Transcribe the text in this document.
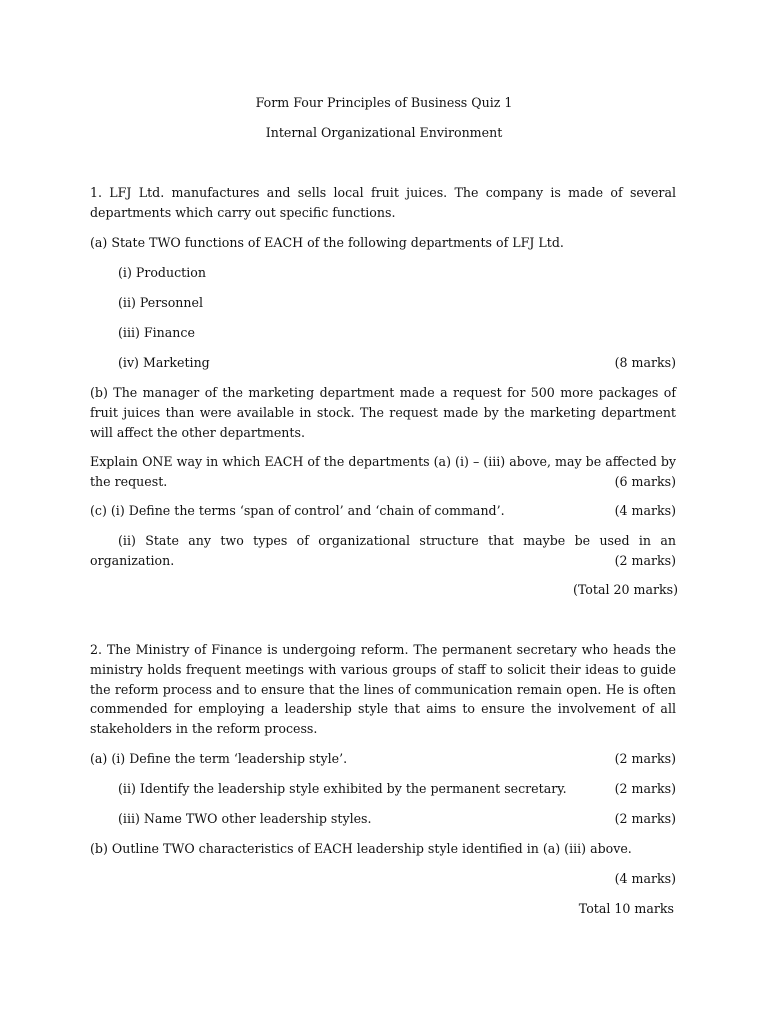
Form Four Principles of Business Quiz 1
Internal Organizational Environment
1. LFJ Ltd. manufactures and sells local fruit juices. The company is made of several
departments which carry out specific functions.
(a) State TWO functions of EACH of the following departments of LFJ Ltd.
(i) Production
(ii) Personnel
(iii) Finance
(iv) Marketing	(8 marks)
(b) The manager of the marketing department made a request for 500 more packages of
fruit juices than were available in stock. The request made by the marketing department
will affect the other departments.
Explain ONE way in which EACH of the departments (a) (i) – (iii) above, may be affected by
the request.	(6 marks)
(c) (i) Define the terms ‘span of control’ and ‘chain of command’.	(4 marks)
(ii) State any two types of organizational structure that maybe be used in an
organization.	(2 marks)
(Total 20 marks)
2. The Ministry of Finance is undergoing reform. The permanent secretary who heads the
ministry holds frequent meetings with various groups of staff to solicit their ideas to guide
the reform process and to ensure that the lines of communication remain open. He is often
commended for employing a leadership style that aims to ensure the involvement of all
stakeholders in the reform process.
(a) (i) Define the term ‘leadership style’.	(2 marks)
(ii) Identify the leadership style exhibited by the permanent secretary.	(2 marks)
(iii) Name TWO other leadership styles.	(2 marks)
(b) Outline TWO characteristics of EACH leadership style identified in (a) (iii) above.
(4 marks)
Total 10 marks
